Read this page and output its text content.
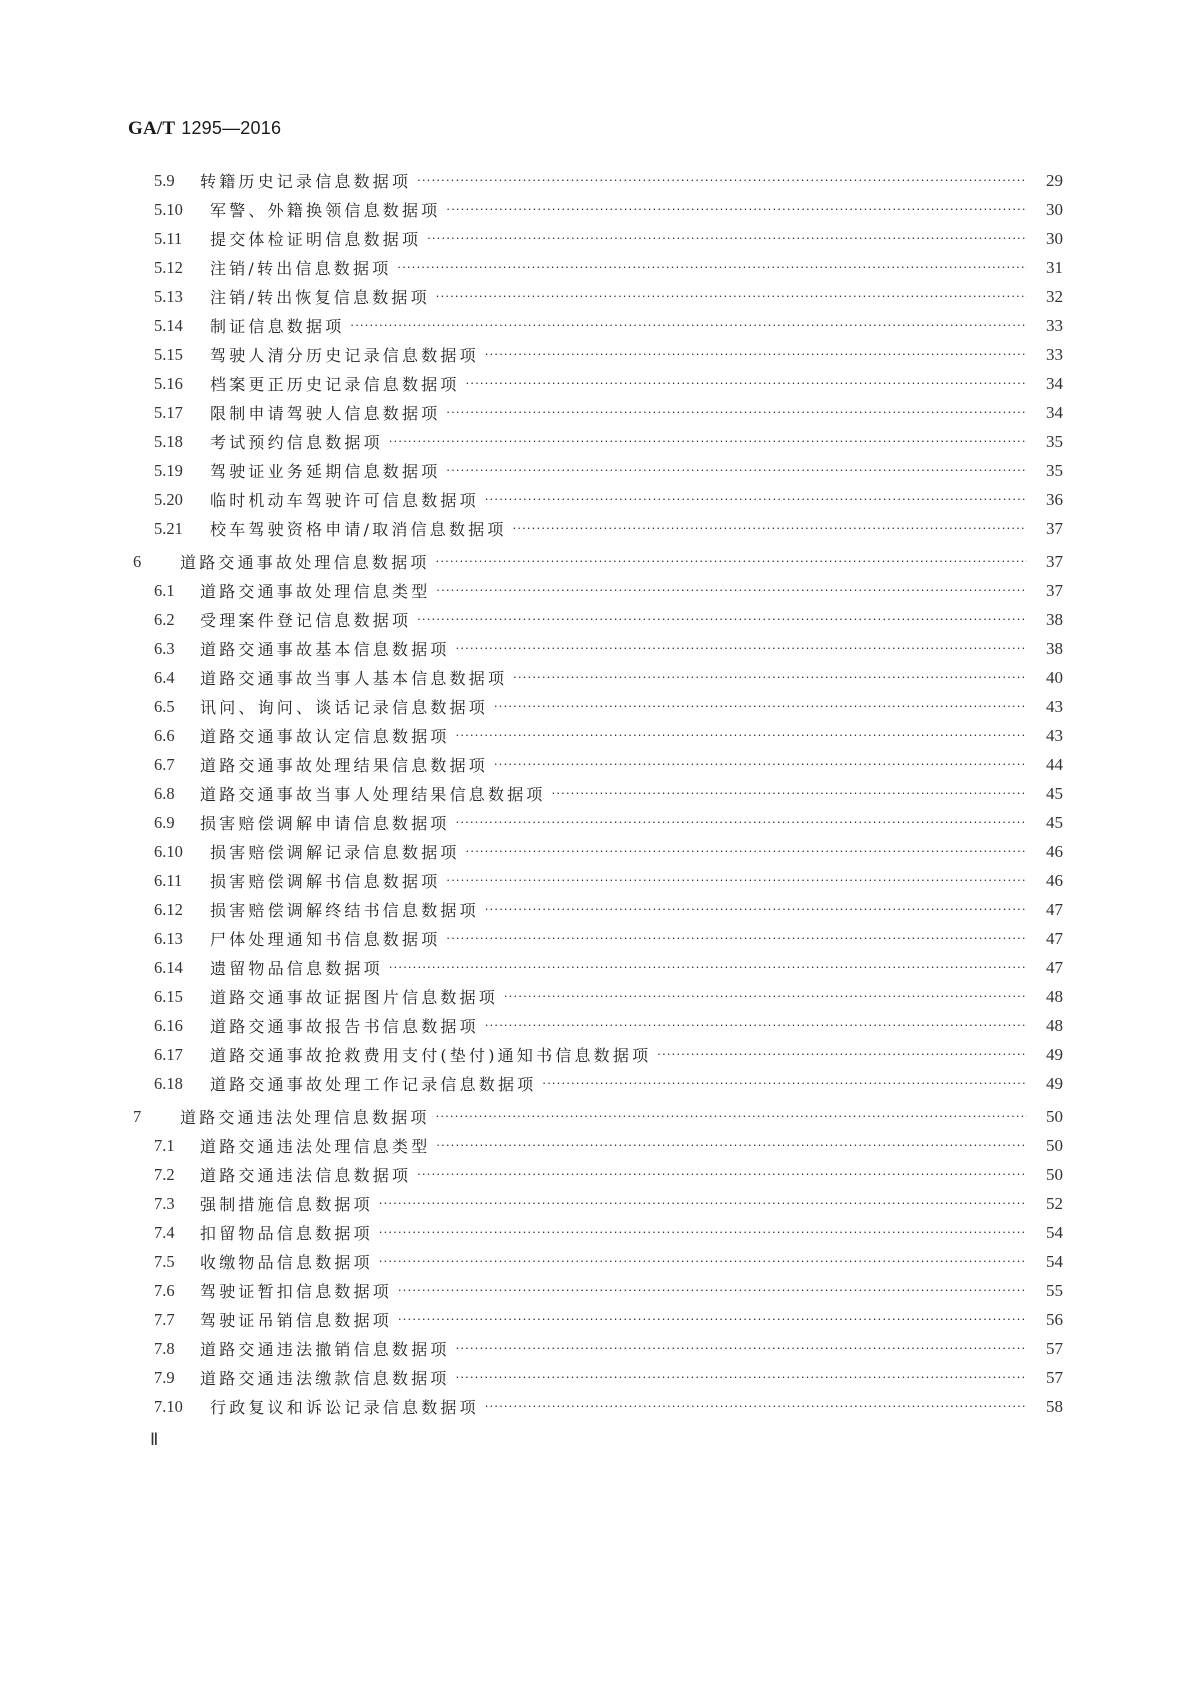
GA/T 1295—2016
5.9	转籍历史记录信息数据项 ·····	29
5.10	军警、外籍换领信息数据项 ·····	30
5.11	提交体检证明信息数据项 ·····	30
5.12	注销/转出信息数据项 ·····	31
5.13	注销/转出恢复信息数据项 ·····	32
5.14	制证信息数据项 ·····	33
5.15	驾驶人清分历史记录信息数据项 ·····	33
5.16	档案更正历史记录信息数据项 ·····	34
5.17	限制申请驾驶人信息数据项 ·····	34
5.18	考试预约信息数据项 ·····	35
5.19	驾驶证业务延期信息数据项 ·····	35
5.20	临时机动车驾驶许可信息数据项 ·····	36
5.21	校车驾驶资格申请/取消信息数据项 ·····	37
6	道路交通事故处理信息数据项 ·····	37
6.1	道路交通事故处理信息类型 ·····	37
6.2	受理案件登记信息数据项 ·····	38
6.3	道路交通事故基本信息数据项 ·····	38
6.4	道路交通事故当事人基本信息数据项 ·····	40
6.5	讯问、询问、谈话记录信息数据项 ·····	43
6.6	道路交通事故认定信息数据项 ·····	43
6.7	道路交通事故处理结果信息数据项 ·····	44
6.8	道路交通事故当事人处理结果信息数据项 ·····	45
6.9	损害赔偿调解申请信息数据项 ·····	45
6.10	损害赔偿调解记录信息数据项 ·····	46
6.11	损害赔偿调解书信息数据项 ·····	46
6.12	损害赔偿调解终结书信息数据项 ·····	47
6.13	尸体处理通知书信息数据项 ·····	47
6.14	遗留物品信息数据项 ·····	47
6.15	道路交通事故证据图片信息数据项 ·····	48
6.16	道路交通事故报告书信息数据项 ·····	48
6.17	道路交通事故抢救费用支付(垫付)通知书信息数据项 ·····	49
6.18	道路交通事故处理工作记录信息数据项 ·····	49
7	道路交通违法处理信息数据项 ·····	50
7.1	道路交通违法处理信息类型 ·····	50
7.2	道路交通违法信息数据项 ·····	50
7.3	强制措施信息数据项 ·····	52
7.4	扣留物品信息数据项 ·····	54
7.5	收缴物品信息数据项 ·····	54
7.6	驾驶证暂扣信息数据项 ·····	55
7.7	驾驶证吊销信息数据项 ·····	56
7.8	道路交通违法撤销信息数据项 ·····	57
7.9	道路交通违法缴款信息数据项 ·····	57
7.10	行政复议和诉讼记录信息数据项 ·····	58
Ⅱ
